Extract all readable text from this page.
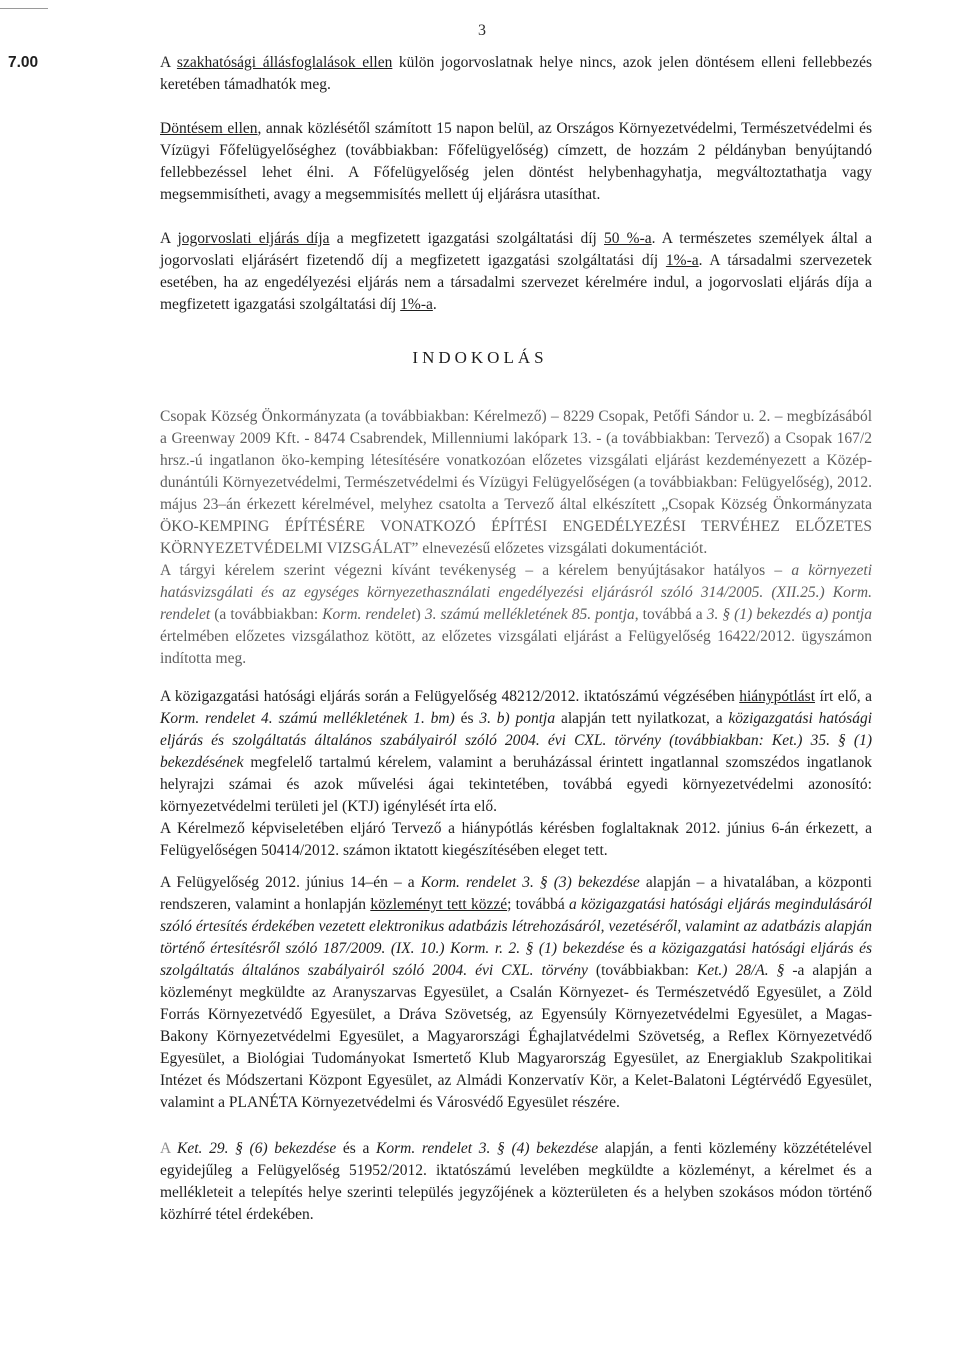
3
7.00	A szakhatósági állásfoglalások ellen külön jogorvoslatnak helye nincs, azok jelen döntésem elleni fellebbezés keretében támadhatók meg.

Döntésem ellen, annak közlésétől számított 15 napon belül, az Országos Környezetvédelmi, Természetvédelmi és Vízügyi Főfelügyelőséghez (továbbiakban: Főfelügyelőség) címzett, de hozzám 2 példányban benyújtandó fellebbezéssel lehet élni. A Főfelügyelőség jelen döntést helybenhagyhatja, megváltoztathatja vagy megsemmisítheti, avagy a megsemmisítés mellett új eljárásra utasíthat.

A jogorvoslati eljárás díja a megfizetett igazgatási szolgáltatási díj 50 %-a. A természetes személyek által a jogorvoslati eljárásért fizetendő díj a megfizetett igazgatási szolgáltatási díj 1%-a. A társadalmi szervezetek esetében, ha az engedélyezési eljárás nem a társadalmi szervezet kérelmére indul, a jogorvoslati eljárás díja a megfizetett igazgatási szolgáltatási díj 1%-a.

INDOKOLÁS

Csopak Község Önkormányzata (a továbbiakban: Kérelmező) – 8229 Csopak, Petőfi Sándor u. 2. – megbízásából a Greenway 2009 Kft. - 8474 Csabrendek, Millenniumi lakópark 13. - (a továbbiakban: Tervező) a Csopak 167/2 hrsz.-ú ingatlanon öko-kemping létesítésére vonatkozóan előzetes vizsgálati eljárást kezdeményezett a Közép-dunántúli Környezetvédelmi, Természetvédelmi és Vízügyi Felügyelőségen (a továbbiakban: Felügyelőség), 2012. május 23–án érkezett kérelmével, melyhez csatolta a Tervező által elkészített „Csopak Község Önkormányzata ÖKO-KEMPING ÉPÍTÉSÉRE VONATKOZÓ ÉPÍTÉSI ENGEDÉLYEZÉSI TERVÉHEZ ELŐZETES KÖRNYEZETVÉDELMI VIZSGÁLAT” elnevezésű előzetes vizsgálati dokumentációt.
A tárgyi kérelem szerint végezni kívánt tevékenység – a kérelem benyújtásakor hatályos – a környezeti hatásvizsgálati és az egységes környezethasználati engedélyezési eljárásról szóló 314/2005. (XII.25.) Korm. rendelet (a továbbiakban: Korm. rendelet) 3. számú mellékletének 85. pontja, továbbá a 3. § (1) bekezdés a) pontja értelmében előzetes vizsgálathoz kötött, az előzetes vizsgálati eljárást a Felügyelőség 16422/2012. ügyszámon indította meg.

A közigazgatási hatósági eljárás során a Felügyelőség 48212/2012. iktatószámú végzésében hiánypótlást írt elő, a Korm. rendelet 4. számú mellékletének 1. bm) és 3. b) pontja alapján tett nyilatkozat, a közigazgatási hatósági eljárás és szolgáltatás általános szabályairól szóló 2004. évi CXL. törvény (továbbiakban: Ket.) 35. § (1) bekezdésének megfelelő tartalmú kérelem, valamint a beruházással érintett ingatlannal szomszédos ingatlanok helyrajzi számai és azok művelési ágai tekintetében, továbbá egyedi környezetvédelmi azonosító: környezetvédelmi területi jel (KTJ) igénylését írta elő.

A Kérelmező képviseletében eljáró Tervező a hiánypótlás kérésben foglaltaknak 2012. június 6-án érkezett, a Felügyelőségen 50414/2012. számon iktatott kiegészítésében eleget tett.

A Felügyelőség 2012. június 14–én – a Korm. rendelet 3. § (3) bekezdése alapján – a hivatalában, a központi rendszeren, valamint a honlapján közleményt tett közzé; továbbá a közigazgatási hatósági eljárás megindulásáról szóló értesítés érdekében vezetett elektronikus adatbázis létrehozásáról, vezetéséről, valamint az adatbázis alapján történő értesítésről szóló 187/2009. (IX. 10.) Korm. r. 2. § (1) bekezdése és a közigazgatási hatósági eljárás és szolgáltatás általános szabályairól szóló 2004. évi CXL. törvény (továbbiakban: Ket.) 28/A. § -a alapján a közleményt megküldte az Aranyszarvas Egyesület, a Csalán Környezet- és Természetvédő Egyesület, a Zöld Forrás Környezetvédő Egyesület, a Dráva Szövetség, az Egyensúly Környezetvédelmi Egyesület, a Magas-Bakony Környezetvédelmi Egyesület, a Magyarországi Éghajlatvédelmi Szövetség, a Reflex Környezetvédő Egyesület, a Biológiai Tudományokat Ismertető Klub Magyarország Egyesület, az Energiaklub Szakpolitikai Intézet és Módszertani Központ Egyesület, az Almádi Konzervatív Kör, a Kelet-Balatoni Légtérvédő Egyesület, valamint a PLANÉTA Környezetvédelmi és Városvédő Egyesület részére.

A Ket. 29. § (6) bekezdése és a Korm. rendelet 3. § (4) bekezdése alapján, a fenti közlemény közzétételével egyidejűleg a Felügyelőség 51952/2012. iktatószámú levelében megküldte a közleményt, a kérelmet és a mellékleteit a telepítés helye szerinti település jegyzőjének a közterületen és a helyben szokásos módon történő közhírré tétel érdekében.
